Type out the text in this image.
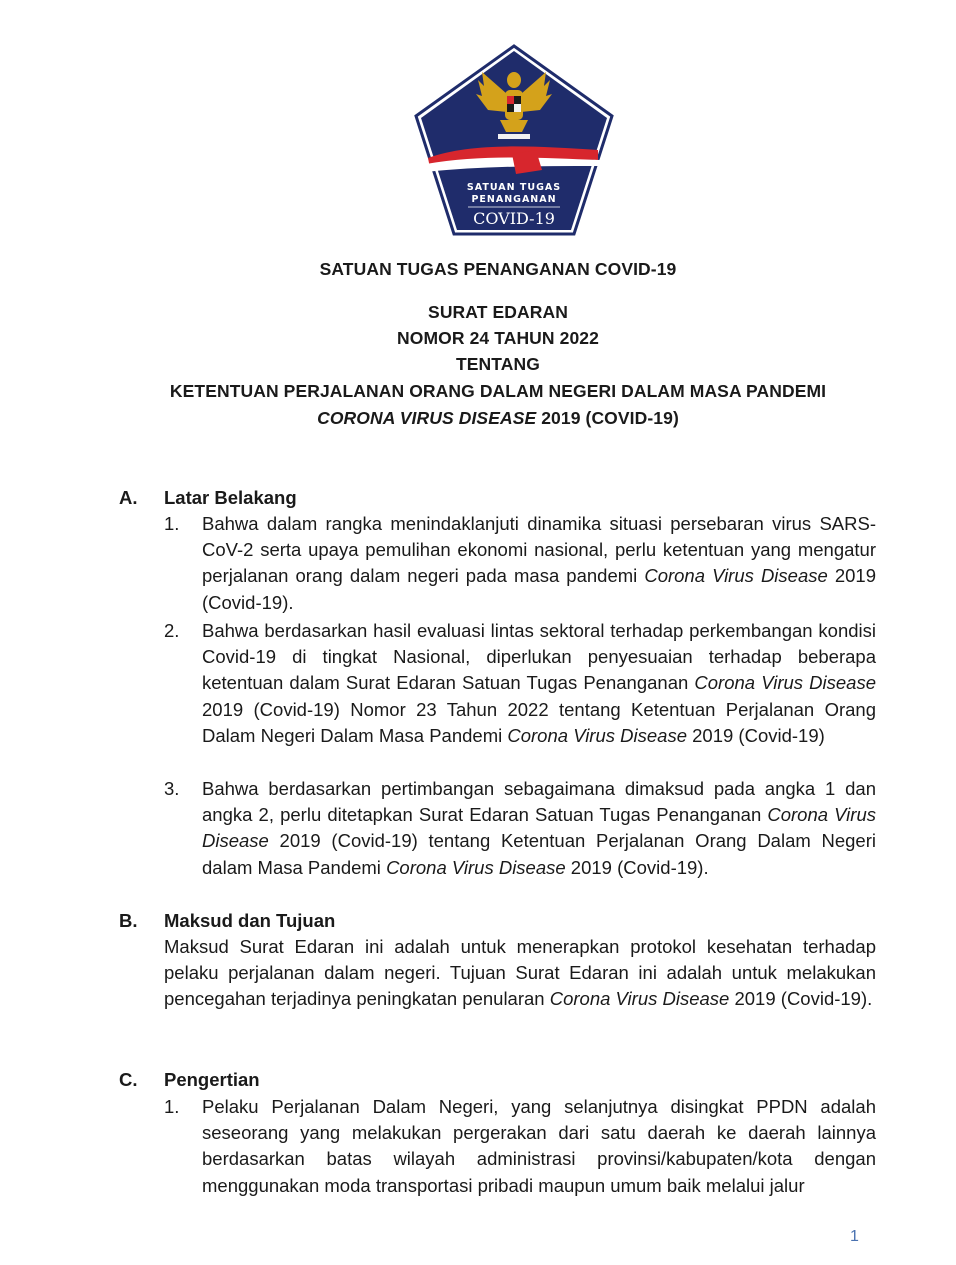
SATUAN TUGAS
PENANGANAN
COVID-19
SATUAN TUGAS PENANGANAN COVID-19
SURAT EDARAN
NOMOR 24 TAHUN 2022
TENTANG
KETENTUAN PERJALANAN ORANG DALAM NEGERI DALAM MASA PANDEMI
CORONA VIRUS DISEASE 2019 (COVID-19)
A. Latar Belakang
1. Bahwa dalam rangka menindaklanjuti dinamika situasi persebaran virus SARS-CoV-2 serta upaya pemulihan ekonomi nasional, perlu ketentuan yang mengatur perjalanan orang dalam negeri pada masa pandemi Corona Virus Disease 2019 (Covid-19).
2. Bahwa berdasarkan hasil evaluasi lintas sektoral terhadap perkembangan kondisi Covid-19 di tingkat Nasional, diperlukan penyesuaian terhadap beberapa ketentuan dalam Surat Edaran Satuan Tugas Penanganan Corona Virus Disease 2019 (Covid-19) Nomor 23 Tahun 2022 tentang Ketentuan Perjalanan Orang Dalam Negeri Dalam Masa Pandemi Corona Virus Disease 2019 (Covid-19)
3. Bahwa berdasarkan pertimbangan sebagaimana dimaksud pada angka 1 dan angka 2, perlu ditetapkan Surat Edaran Satuan Tugas Penanganan Corona Virus Disease 2019 (Covid-19) tentang Ketentuan Perjalanan Orang Dalam Negeri dalam Masa Pandemi Corona Virus Disease 2019 (Covid-19).
B. Maksud dan Tujuan
Maksud Surat Edaran ini adalah untuk menerapkan protokol kesehatan terhadap pelaku perjalanan dalam negeri. Tujuan Surat Edaran ini adalah untuk melakukan pencegahan terjadinya peningkatan penularan Corona Virus Disease 2019 (Covid-19).
C. Pengertian
1. Pelaku Perjalanan Dalam Negeri, yang selanjutnya disingkat PPDN adalah seseorang yang melakukan pergerakan dari satu daerah ke daerah lainnya berdasarkan batas wilayah administrasi provinsi/kabupaten/kota dengan menggunakan moda transportasi pribadi maupun umum baik melalui jalur
1
